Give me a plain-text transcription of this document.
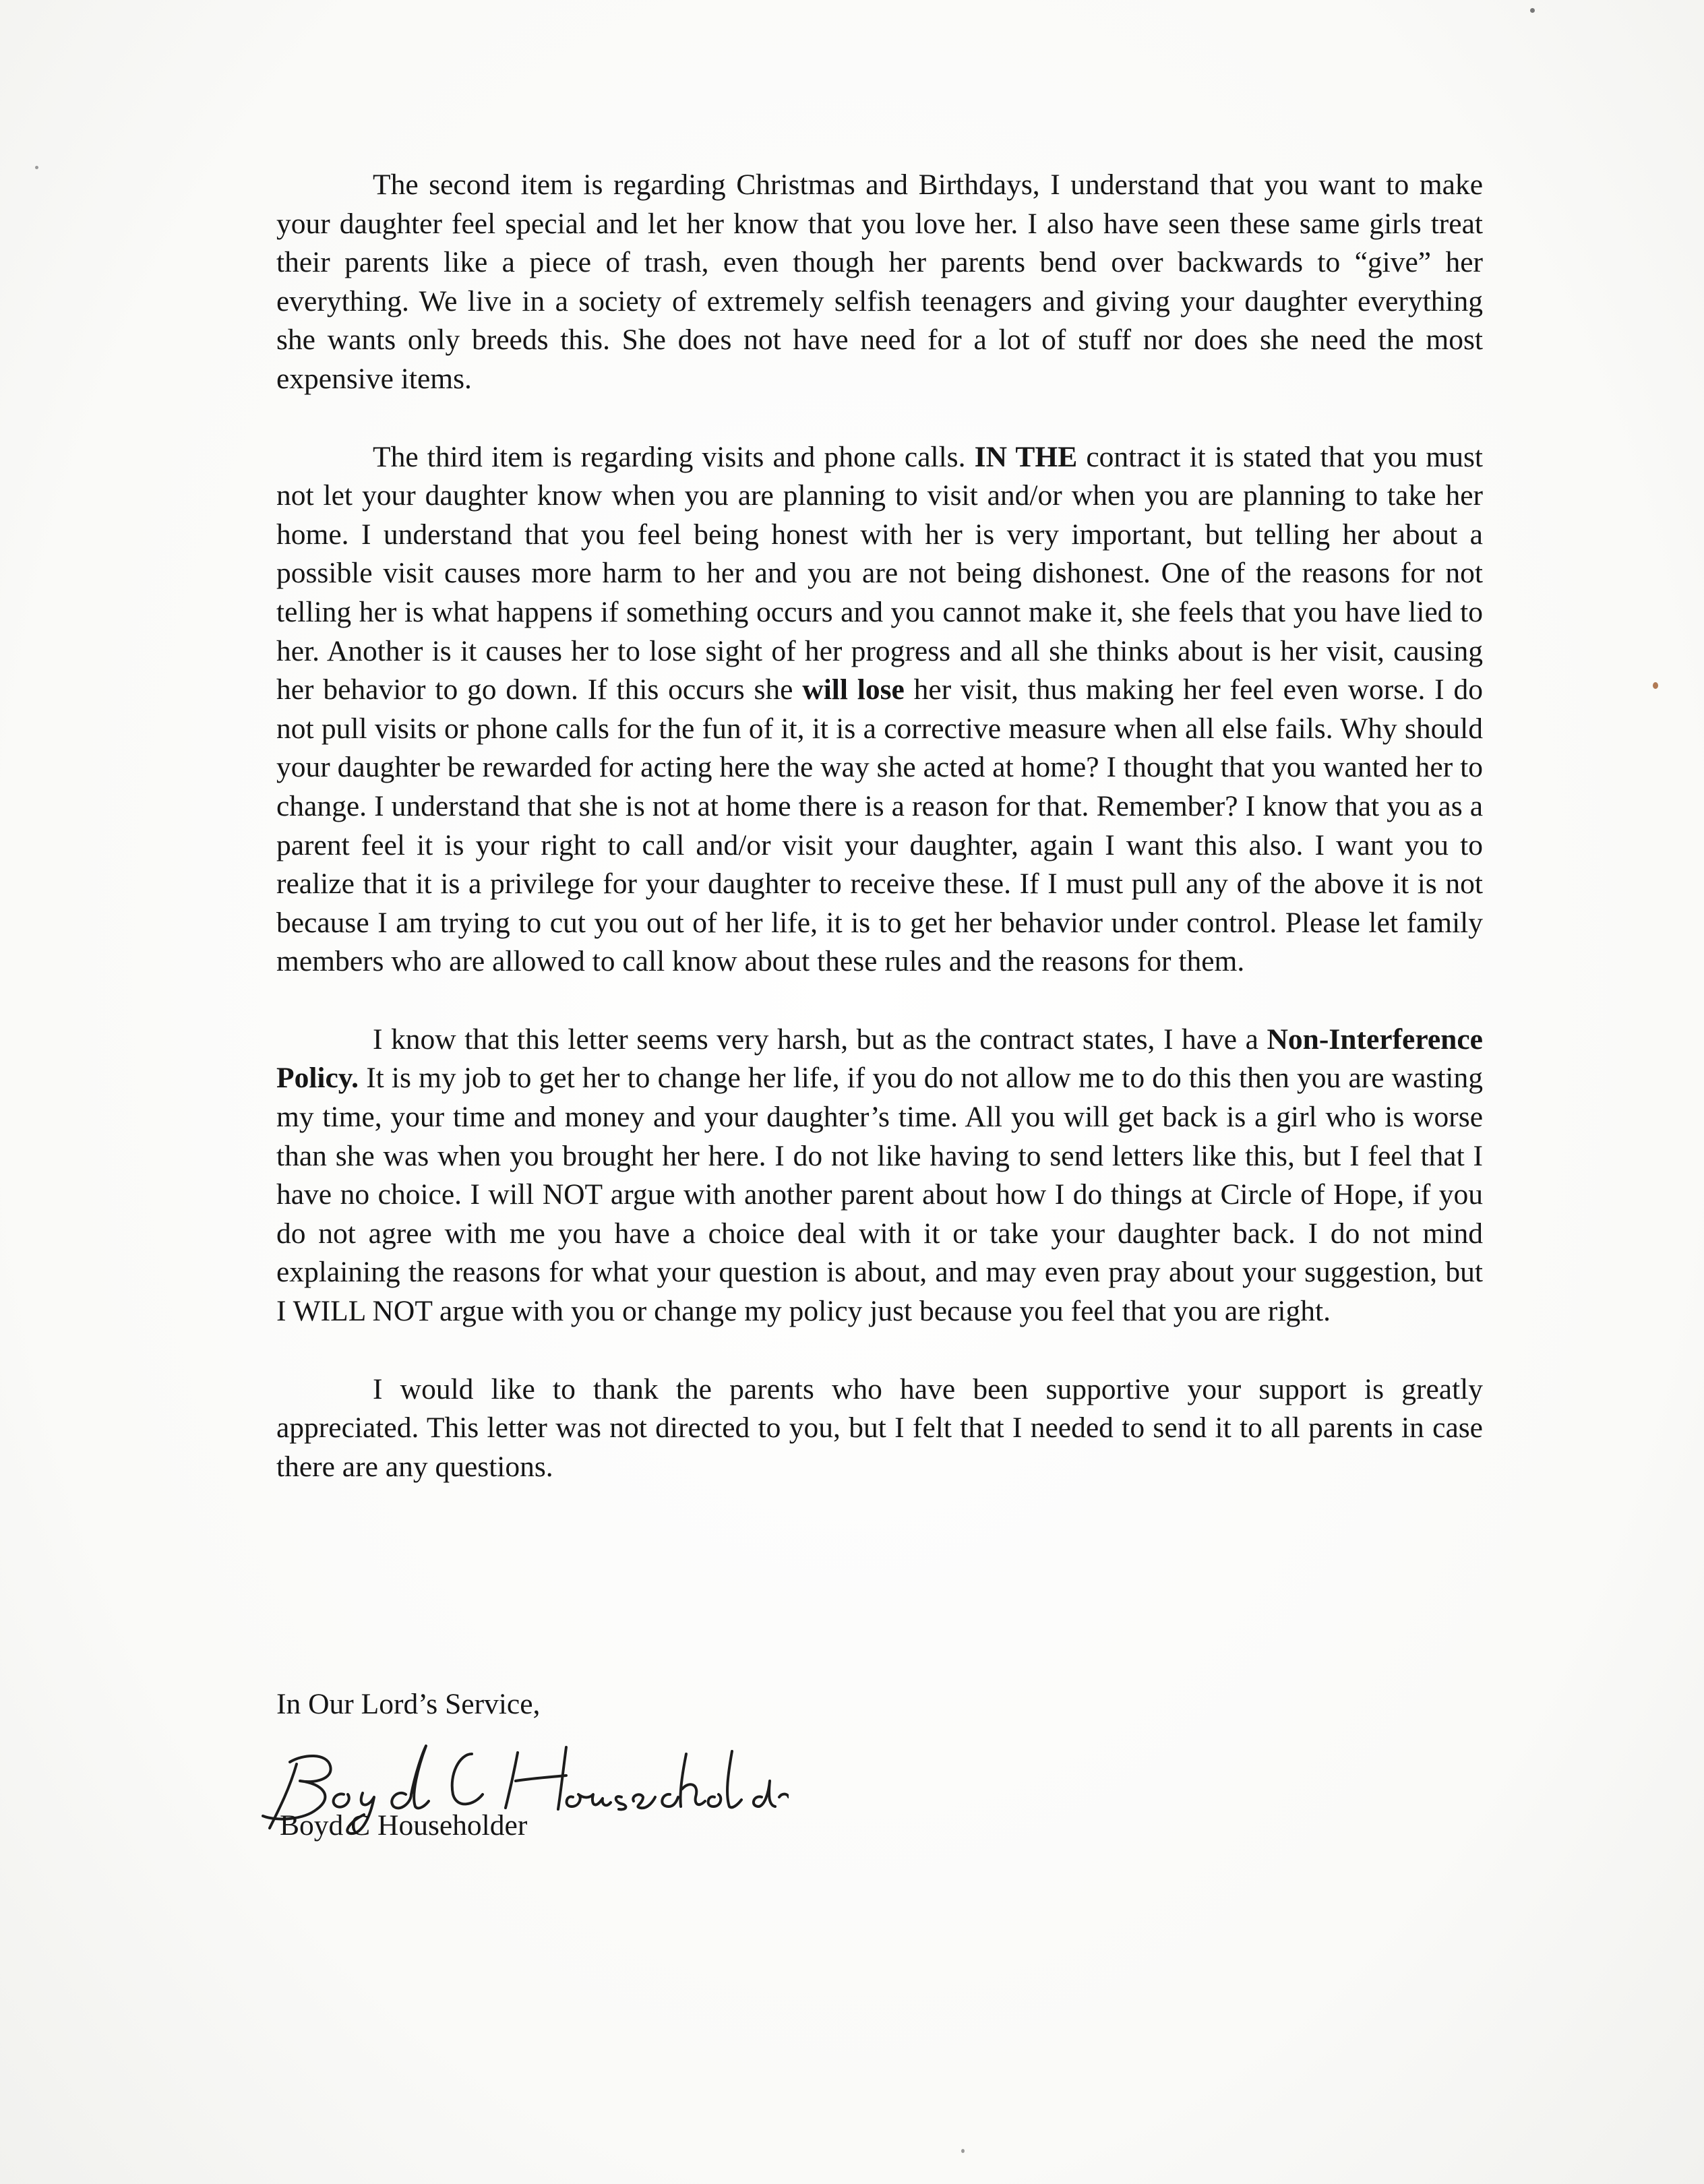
The second item is regarding Christmas and Birthdays, I understand that you want to make your daughter feel special and let her know that you love her. I also have seen these same girls treat their parents like a piece of trash, even though her parents bend over backwards to “give” her everything. We live in a society of extremely selfish teenagers and giving your daughter everything she wants only breeds this. She does not have need for a lot of stuff nor does she need the most expensive items.

The third item is regarding visits and phone calls. IN THE contract it is stated that you must not let your daughter know when you are planning to visit and/or when you are planning to take her home. I understand that you feel being honest with her is very important, but telling her about a possible visit causes more harm to her and you are not being dishonest. One of the reasons for not telling her is what happens if something occurs and you cannot make it, she feels that you have lied to her. Another is it causes her to lose sight of her progress and all she thinks about is her visit, causing her behavior to go down. If this occurs she will lose her visit, thus making her feel even worse. I do not pull visits or phone calls for the fun of it, it is a corrective measure when all else fails. Why should your daughter be rewarded for acting here the way she acted at home? I thought that you wanted her to change. I understand that she is not at home there is a reason for that. Remember? I know that you as a parent feel it is your right to call and/or visit your daughter, again I want this also. I want you to realize that it is a privilege for your daughter to receive these. If I must pull any of the above it is not because I am trying to cut you out of her life, it is to get her behavior under control. Please let family members who are allowed to call know about these rules and the reasons for them.

I know that this letter seems very harsh, but as the contract states, I have a Non-Interference Policy. It is my job to get her to change her life, if you do not allow me to do this then you are wasting my time, your time and money and your daughter’s time. All you will get back is a girl who is worse than she was when you brought her here. I do not like having to send letters like this, but I feel that I have no choice. I will NOT argue with another parent about how I do things at Circle of Hope, if you do not agree with me you have a choice deal with it or take your daughter back. I do not mind explaining the reasons for what your question is about, and may even pray about your suggestion, but I WILL NOT argue with you or change my policy just because you feel that you are right.

I would like to thank the parents who have been supportive your support is greatly appreciated. This letter was not directed to you, but I felt that I needed to send it to all parents in case there are any questions.

In Our Lord’s Service,
Boyd C Householder
